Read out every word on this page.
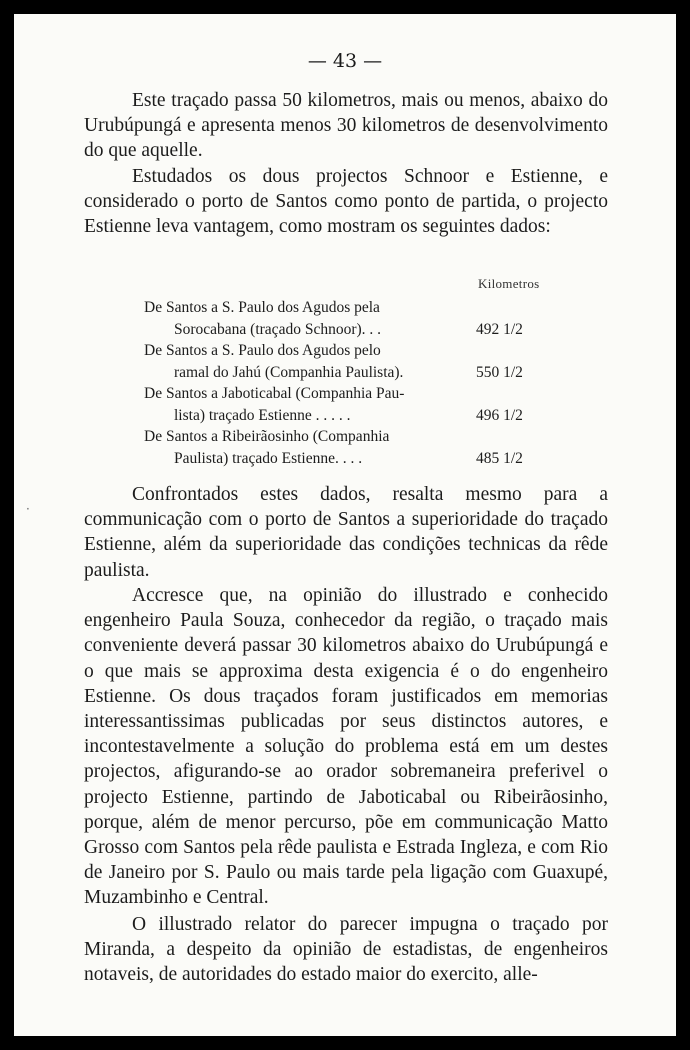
— 43 —

Este traçado passa 50 kilometros, mais ou menos, abaixo do Urubúpungá e apresenta menos 30 kilometros de desenvolvimento do que aquelle.

Estudados os dous projectos Schnoor e Estienne, e considerado o porto de Santos como ponto de partida, o projecto Estienne leva vantagem, como mostram os seguintes dados:

Kilometros
De Santos a S. Paulo dos Agudos pela
Sorocabana (traçado Schnoor). . .	492 1/2
De Santos a S. Paulo dos Agudos pelo
ramal do Jahú (Companhia Paulista).	550 1/2
De Santos a Jaboticabal (Companhia Pau-
lista) traçado Estienne . . . . .	496 1/2
De Santos a Ribeirãosinho (Companhia
Paulista) traçado Estienne. . . .	485 1/2

Confrontados estes dados, resalta mesmo para a communicação com o porto de Santos a superioridade do traçado Estienne, além da superioridade das condições technicas da rêde paulista.

Accresce que, na opinião do illustrado e conhecido engenheiro Paula Souza, conhecedor da região, o traçado mais conveniente deverá passar 30 kilometros abaixo do Urubúpungá e o que mais se approxima desta exigencia é o do engenheiro Estienne. Os dous traçados foram justificados em memorias interessantissimas publicadas por seus distinctos autores, e incontestavelmente a solução do problema está em um destes projectos, afigurando-se ao orador sobremaneira preferivel o projecto Estienne, partindo de Jaboticabal ou Ribeirãosinho, porque, além de menor percurso, põe em communicação Matto Grosso com Santos pela rêde paulista e Estrada Ingleza, e com Rio de Janeiro por S. Paulo ou mais tarde pela ligação com Guaxupé, Muzambinho e Central.

O illustrado relator do parecer impugna o traçado por Miranda, a despeito da opinião de estadistas, de engenheiros notaveis, de autoridades do estado maior do exercito, alle-

·
